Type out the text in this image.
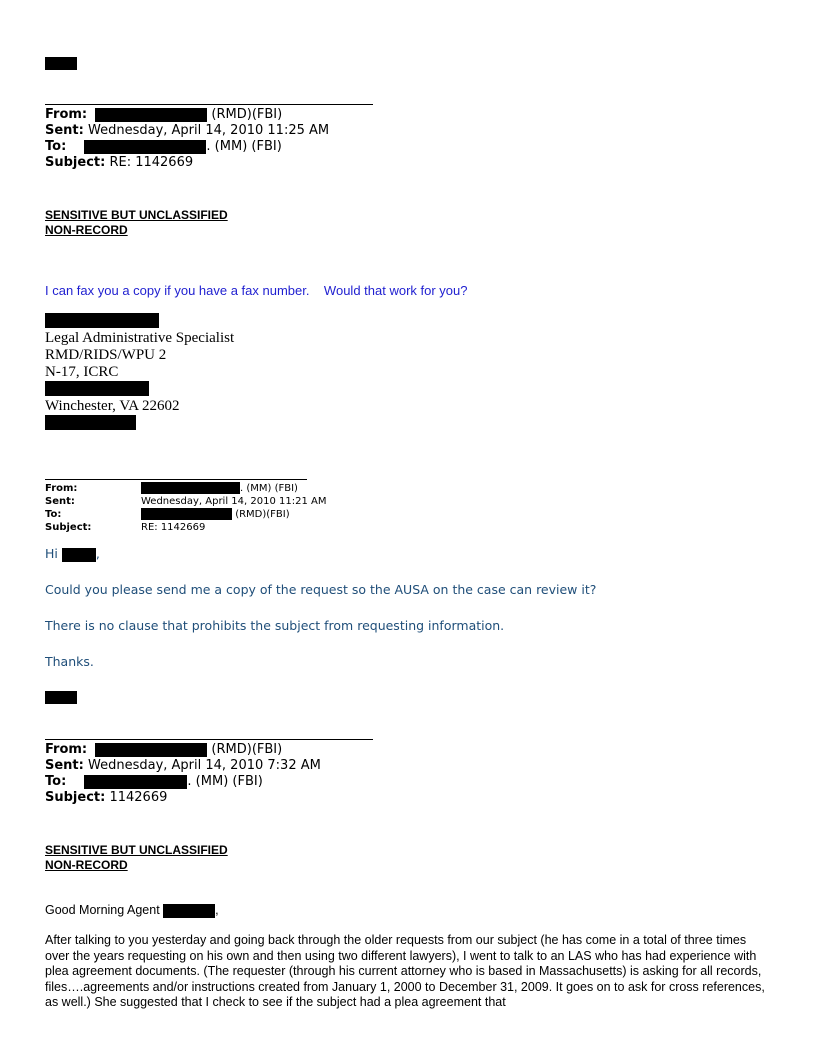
From:	(RMD)(FBI)
Sent: Wednesday, April 14, 2010 11:25 AM
To:	. (MM) (FBI)
Subject: RE: 1142669
SENSITIVE BUT UNCLASSIFIED
NON-RECORD
I can fax you a copy if you have a fax number.    Would that work for you?
Legal Administrative Specialist
RMD/RIDS/WPU 2
N-17, ICRC
Winchester, VA 22602
From:	. (MM) (FBI)
Sent:	Wednesday, April 14, 2010 11:21 AM
To:	(RMD)(FBI)
Subject:	RE: 1142669
Hi	,
Could you please send me a copy of the request so the AUSA on the case can review it?
There is no clause that prohibits the subject from requesting information.
Thanks.
From:	(RMD)(FBI)
Sent: Wednesday, April 14, 2010 7:32 AM
To:	. (MM) (FBI)
Subject: 1142669
SENSITIVE BUT UNCLASSIFIED
NON-RECORD
Good Morning Agent	,
After talking to you yesterday and going back through the older requests from our subject (he has come in a total of three times over the years requesting on his own and then using two different lawyers), I went to talk to an LAS who has had experience with plea agreement documents. (The requester (through his current attorney who is based in Massachusetts) is asking for all records, files….agreements and/or instructions created from January 1, 2000 to December 31, 2009. It goes on to ask for cross references, as well.) She suggested that I check to see if the subject had a plea agreement that
